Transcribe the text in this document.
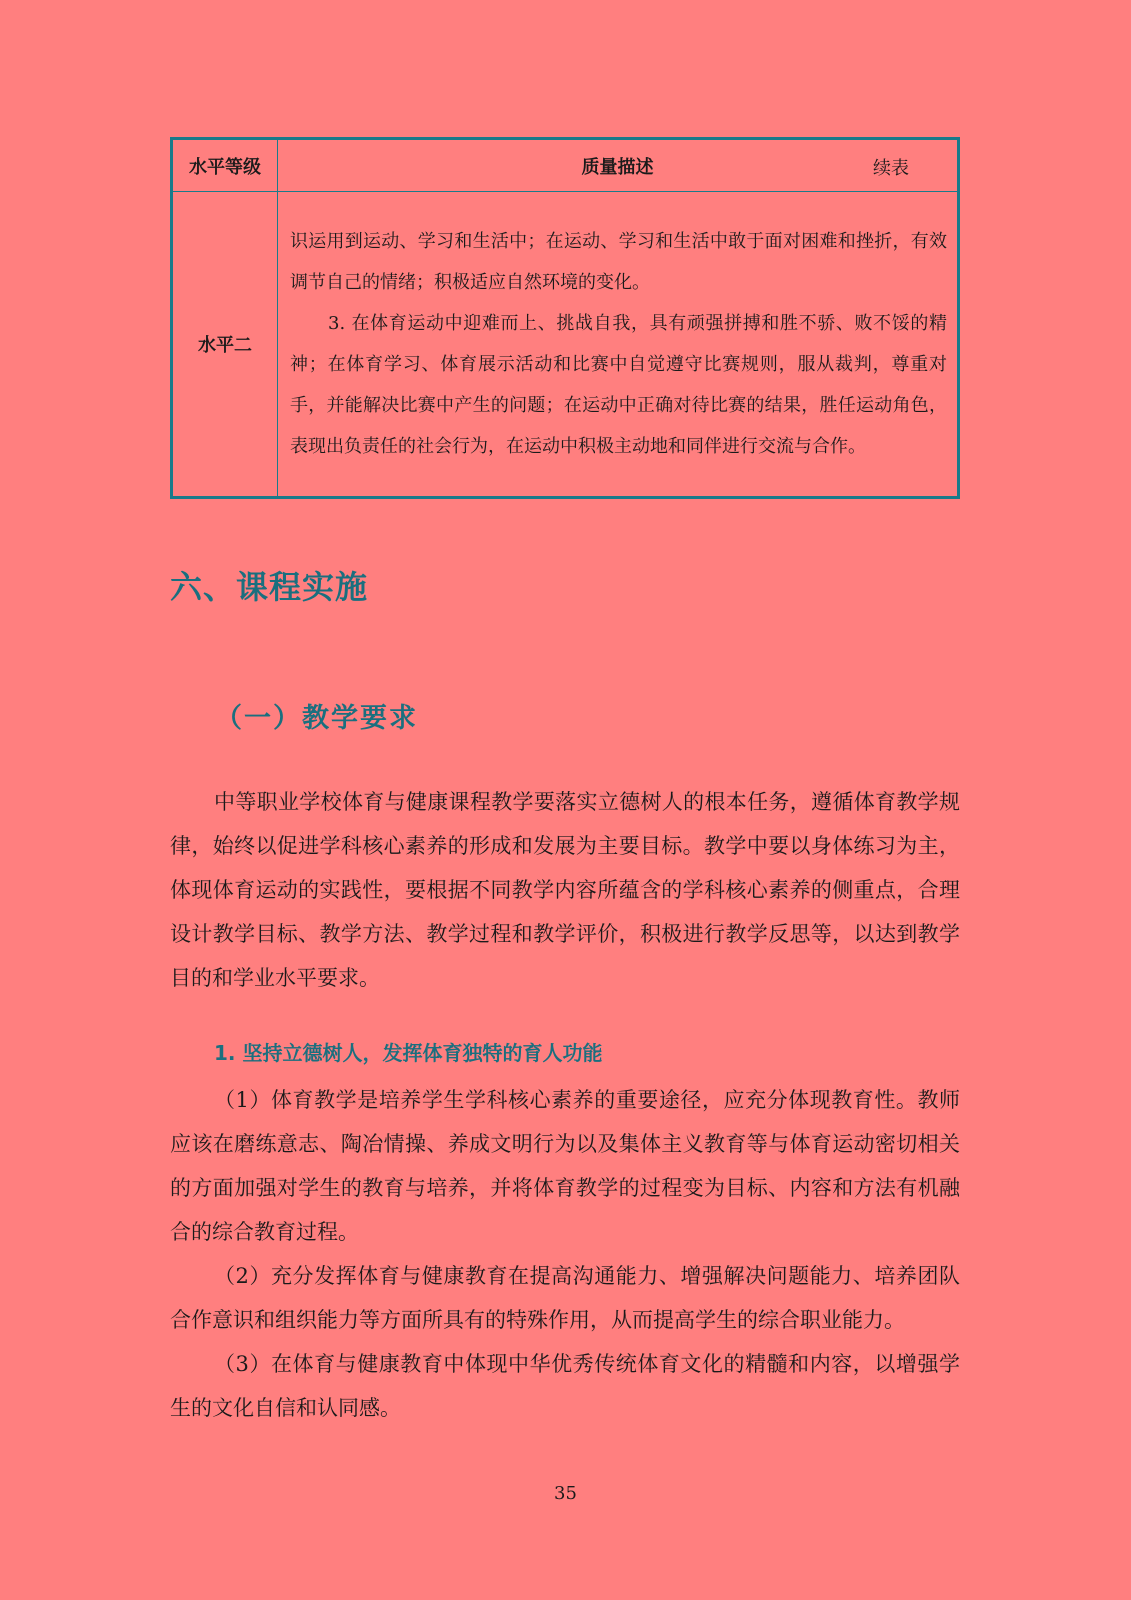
水平等级	质量描述 续表

水平二	识运用到运动、学习和生活中；在运动、学习和生活中敢于面对困难和挫折，有效调节自己的情绪；积极适应自然环境的变化。

3. 在体育运动中迎难而上、挑战自我，具有顽强拼搏和胜不骄、败不馁的精神；在体育学习、体育展示活动和比赛中自觉遵守比赛规则，服从裁判，尊重对手，并能解决比赛中产生的问题；在运动中正确对待比赛的结果，胜任运动角色，表现出负责任的社会行为，在运动中积极主动地和同伴进行交流与合作。

六、课程实施
（一）教学要求

中等职业学校体育与健康课程教学要落实立德树人的根本任务，遵循体育教学规律，始终以促进学科核心素养的形成和发展为主要目标。教学中要以身体练习为主，体现体育运动的实践性，要根据不同教学内容所蕴含的学科核心素养的侧重点，合理设计教学目标、教学方法、教学过程和教学评价，积极进行教学反思等，以达到教学目的和学业水平要求。

1. 坚持立德树人，发挥体育独特的育人功能

（1）体育教学是培养学生学科核心素养的重要途径，应充分体现教育性。教师应该在磨练意志、陶冶情操、养成文明行为以及集体主义教育等与体育运动密切相关的方面加强对学生的教育与培养，并将体育教学的过程变为目标、内容和方法有机融合的综合教育过程。

（2）充分发挥体育与健康教育在提高沟通能力、增强解决问题能力、培养团队合作意识和组织能力等方面所具有的特殊作用，从而提高学生的综合职业能力。

（3）在体育与健康教育中体现中华优秀传统体育文化的精髓和内容，以增强学生的文化自信和认同感。

35
